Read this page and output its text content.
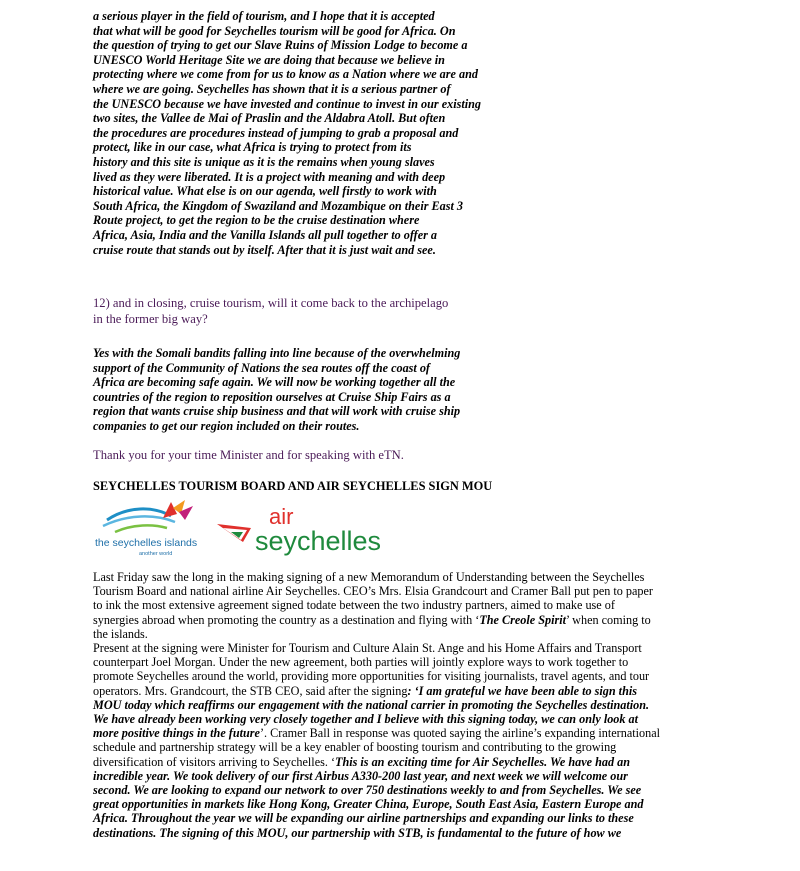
a serious player in the field of tourism, and I hope that it is accepted
that what will be good for Seychelles tourism will be good for Africa. On
the question of trying to get our Slave Ruins of Mission Lodge to become a
UNESCO World Heritage Site we are doing that because we believe in
protecting where we come from for us to know as a Nation where we are and
where we are going. Seychelles has shown that it is a serious partner of
the UNESCO because we have invested and continue to invest in our existing
two sites, the Vallee de Mai of Praslin and the Aldabra Atoll. But often
the procedures are procedures instead of jumping to grab a proposal and
protect, like in our case, what Africa is trying to protect from its
history and this site is unique as it is the remains when young slaves
lived as they were liberated. It is a project with meaning and with deep
historical value. What else is on our agenda, well firstly to work with
South Africa, the Kingdom of Swaziland and Mozambique on their East 3
Route project, to get the region to be the cruise destination where
Africa, Asia, India and the Vanilla Islands all pull together to offer a
cruise route that stands out by itself. After that it is just wait and see.
12) and in closing, cruise tourism, will it come back to the archipelago
in the former big way?
Yes with the Somali bandits falling into line because of the overwhelming
support of the Community of Nations the sea routes off the coast of
Africa are becoming safe again. We will now be working together all the
countries of the region to reposition ourselves at Cruise Ship Fairs as a
region that wants cruise ship business and that will work with cruise ship
companies to get our region included on their routes.

Thank you for your time Minister and for speaking with eTN.

SEYCHELLES TOURISM BOARD AND AIR SEYCHELLES SIGN MOU

the seychelles islands
another world
air
seychelles
Last Friday saw the long in the making signing of a new Memorandum of Understanding between the Seychelles
Tourism Board and national airline Air Seychelles. CEO’s Mrs. Elsia Grandcourt and Cramer Ball put pen to paper
to ink the most extensive agreement signed todate between the two industry partners, aimed to make use of
synergies abroad when promoting the country as a destination and flying with ‘The Creole Spirit’ when coming to
the islands.
Present at the signing were Minister for Tourism and Culture Alain St. Ange and his Home Affairs and Transport
counterpart Joel Morgan. Under the new agreement, both parties will jointly explore ways to work together to
promote Seychelles around the world, providing more opportunities for visiting journalists, travel agents, and tour
operators. Mrs. Grandcourt, the STB CEO, said after the signing: ‘I am grateful we have been able to sign this
MOU today which reaffirms our engagement with the national carrier in promoting the Seychelles destination.
We have already been working very closely together and I believe with this signing today, we can only look at
more positive things in the future’. Cramer Ball in response was quoted saying the airline’s expanding international
schedule and partnership strategy will be a key enabler of boosting tourism and contributing to the growing
diversification of visitors arriving to Seychelles. ‘This is an exciting time for Air Seychelles. We have had an
incredible year. We took delivery of our first Airbus A330-200 last year, and next week we will welcome our
second. We are looking to expand our network to over 750 destinations weekly to and from Seychelles. We see
great opportunities in markets like Hong Kong, Greater China, Europe, South East Asia, Eastern Europe and
Africa. Throughout the year we will be expanding our airline partnerships and expanding our links to these
destinations. The signing of this MOU, our partnership with STB, is fundamental to the future of how we
